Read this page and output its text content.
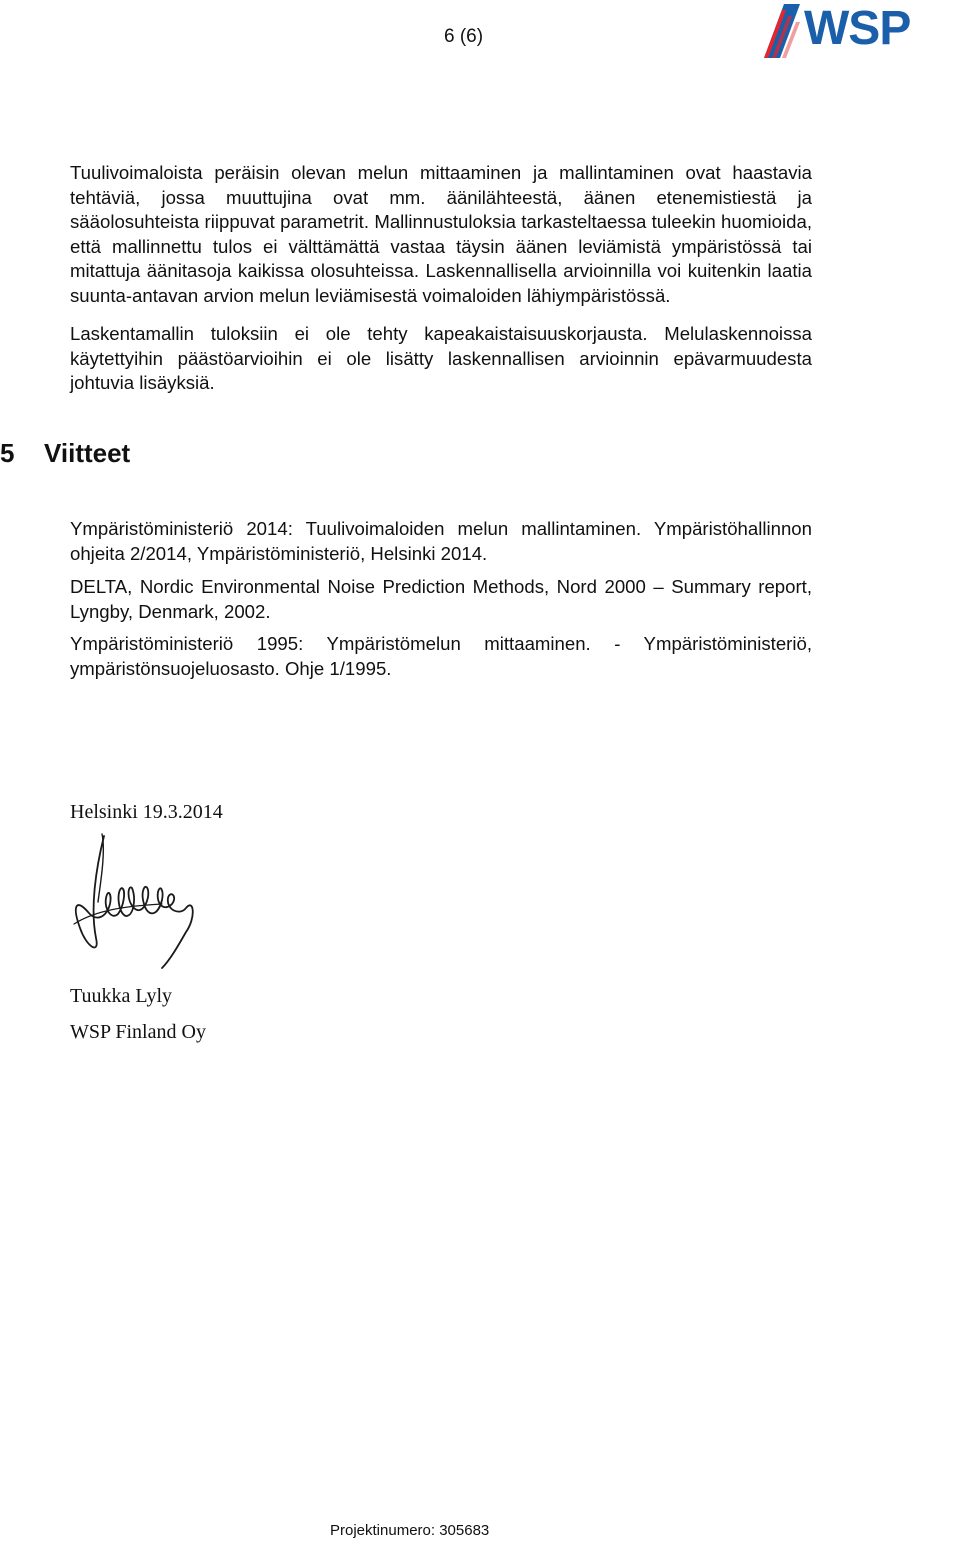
6 (6)	WSP

Tuulivoimaloista peräisin olevan melun mittaaminen ja mallintaminen ovat haastavia tehtäviä, jossa muuttujina ovat mm. äänilähteestä, äänen etenemistiestä ja sääolosuhteista riippuvat parametrit. Mallinnustuloksia tarkasteltaessa tuleekin huomioida, että mallinnettu tulos ei välttämättä vastaa täysin äänen leviämistä ympäristössä tai mitattuja äänitasoja kaikissa olosuhteissa. Laskennallisella arvioinnilla voi kuitenkin laatia suunta-antavan arvion melun leviämisestä voimaloiden lähiympäristössä.

Laskentamallin tuloksiin ei ole tehty kapeakaistaisuuskorjausta. Melulaskennoissa käytettyihin päästöarvioihin ei ole lisätty laskennallisen arvioinnin epävarmuudesta johtuvia lisäyksiä.

5 Viitteet

Ympäristöministeriö 2014: Tuulivoimaloiden melun mallintaminen. Ympäristöhallinnon ohjeita 2/2014, Ympäristöministeriö, Helsinki 2014.

DELTA, Nordic Environmental Noise Prediction Methods, Nord 2000 – Summary report, Lyngby, Denmark, 2002.

Ympäristöministeriö 1995: Ympäristömelun mittaaminen. - Ympäristöministeriö, ympäristönsuojeluosasto. Ohje 1/1995.

Helsinki 19.3.2014

Tuukka Lyly

WSP Finland Oy

Projektinumero: 305683
